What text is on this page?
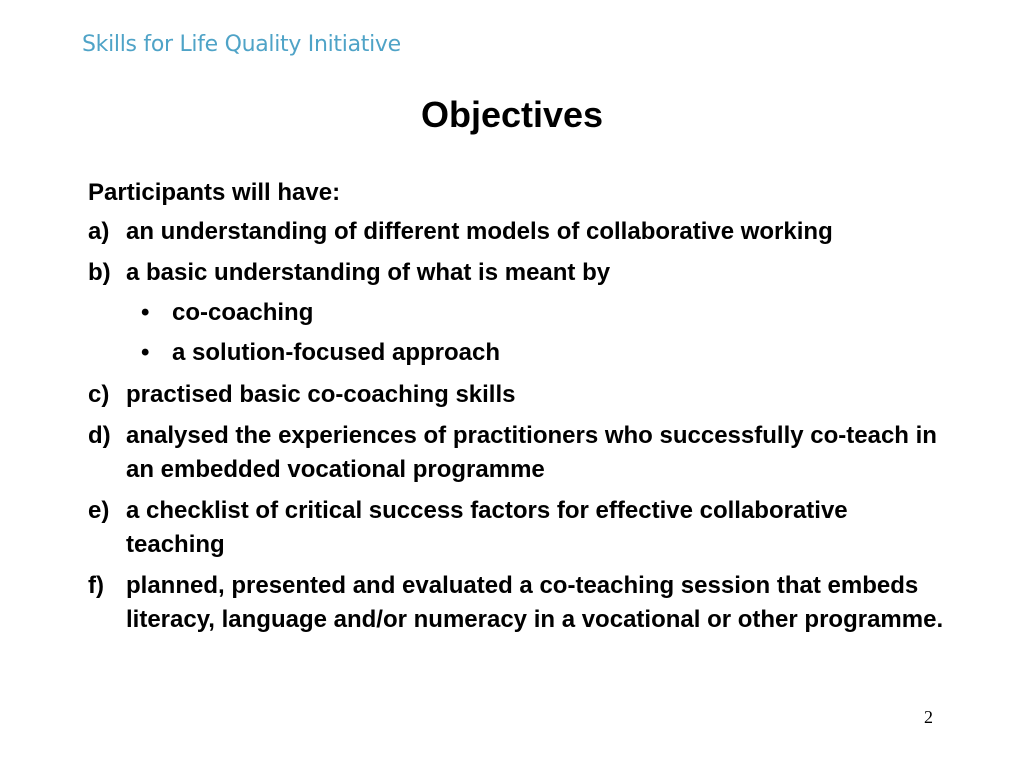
Skills for Life Quality Initiative
Objectives
Participants will have:
a) an understanding of different models of collaborative working
b) a basic understanding of what is meant by
• co-coaching
• a solution-focused approach
c) practised basic co-coaching skills
d) analysed the experiences of practitioners who successfully co-teach in an embedded vocational programme
e) a checklist of critical success factors for effective collaborative teaching
f) planned, presented and evaluated a co-teaching session that embeds literacy, language and/or numeracy in a vocational or other programme.
2
